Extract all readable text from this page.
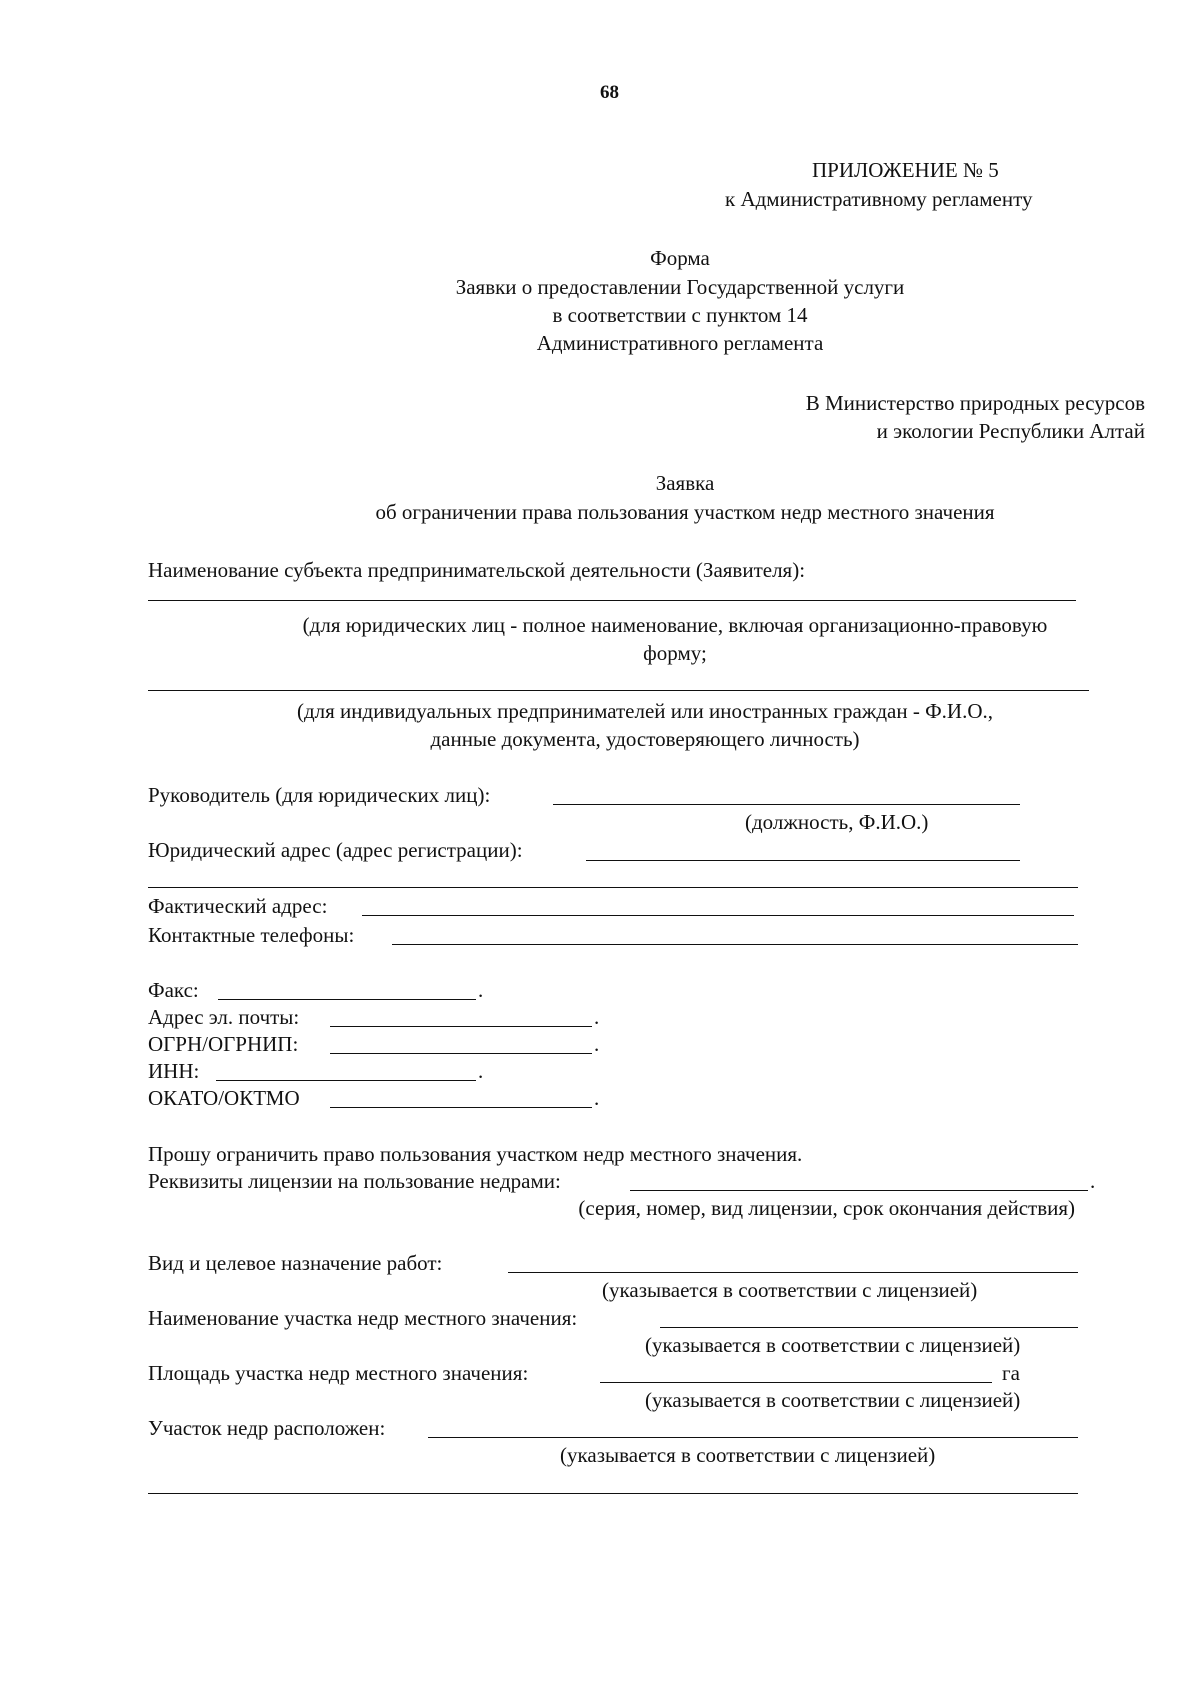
68
ПРИЛОЖЕНИЕ № 5
к Административному регламенту
Форма
Заявки о предоставлении Государственной услуги
в соответствии с пунктом 14
Административного регламента
В Министерство природных ресурсов
и экологии Республики Алтай
Заявка
об ограничении права пользования участком недр местного значения
Наименование субъекта предпринимательской деятельности (Заявителя):
(для юридических лиц - полное наименование, включая организационно-правовую
форму;
(для индивидуальных предпринимателей или иностранных граждан - Ф.И.О.,
данные документа, удостоверяющего личность)
Руководитель (для юридических лиц):
(должность, Ф.И.О.)
Юридический адрес (адрес регистрации):
Фактический адрес:
Контактные телефоны:
Факс:	.
Адрес эл. почты:	.
ОГРН/ОГРНИП:	.
ИНН:	.
ОКАТО/ОКТМО	.
Прошу ограничить право пользования участком недр местного значения.
Реквизиты лицензии на пользование недрами:	.
(серия, номер, вид лицензии, срок окончания действия)
Вид и целевое назначение работ:
(указывается в соответствии с лицензией)
Наименование участка недр местного значения:
(указывается в соответствии с лицензией)
Площадь участка недр местного значения:	га
(указывается в соответствии с лицензией)
Участок недр расположен:
(указывается в соответствии с лицензией)
